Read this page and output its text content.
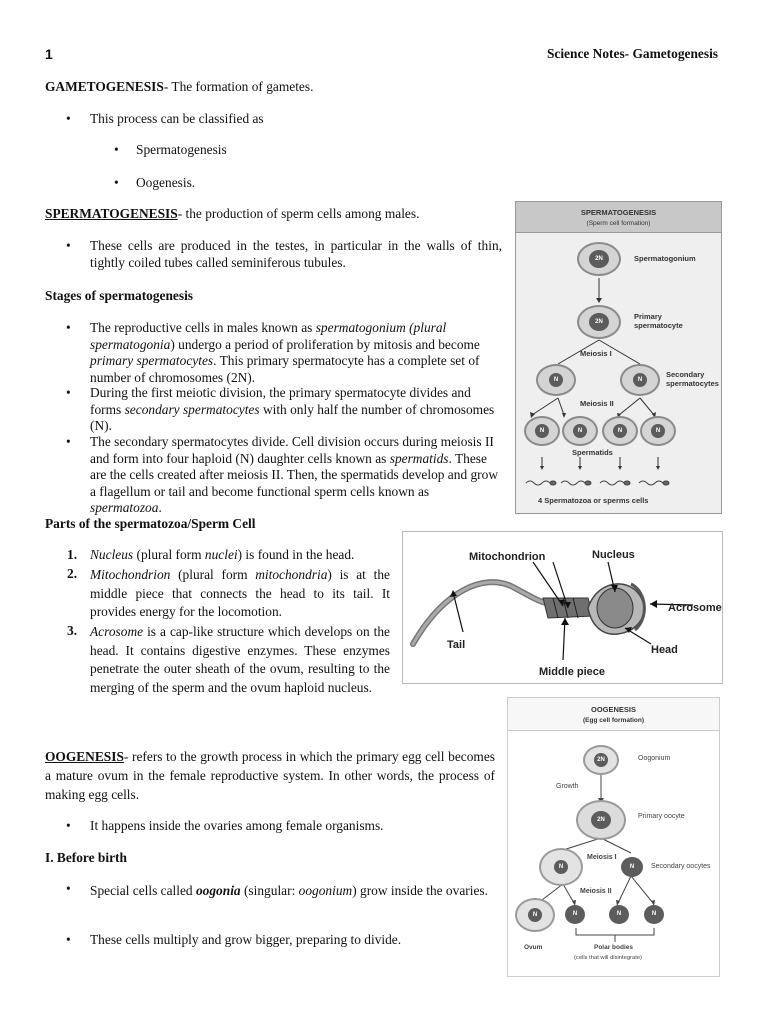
1	Science Notes- Gametogenesis
GAMETOGENESIS- The formation of gametes.
• This process can be classified as
• Spermatogenesis
• Oogenesis.
SPERMATOGENESIS- the production of sperm cells among males.
• These cells are produced in the testes, in particular in the walls of thin, tightly coiled tubes called seminiferous tubules.
Stages of spermatogenesis
• The reproductive cells in males known as spermatogonium (plural spermatogonia) undergo a period of proliferation by mitosis and become primary spermatocytes. This primary spermatocyte has a complete set of number of chromosomes (2N).
• During the first meiotic division, the primary spermatocyte divides and forms secondary spermatocytes with only half the number of chromosomes (N).
• The secondary spermatocytes divide. Cell division occurs during meiosis II and form into four haploid (N) daughter cells known as spermatids. These are the cells created after meiosis II. Then, the spermatids develop and grow a flagellum or tail and become functional sperm cells known as spermatozoa.
Parts of the spermatozoa/Sperm Cell
1. Nucleus (plural form nuclei) is found in the head.
2. Mitochondrion (plural form mitochondria) is at the middle piece that connects the head to its tail. It provides energy for the locomotion.
3. Acrosome is a cap-like structure which develops on the head. It contains digestive enzymes. These enzymes penetrate the outer sheath of the ovum, resulting to the merging of the sperm and the ovum haploid nucleus.
OOGENESIS- refers to the growth process in which the primary egg cell becomes a mature ovum in the female reproductive system. In other words, the process of making egg cells.
• It happens inside the ovaries among female organisms.
I. Before birth
• Special cells called oogonia (singular: oogonium) grow inside the ovaries.
• These cells multiply and grow bigger, preparing to divide.
SPERMATOGENESIS
(Sperm cell formation)
2N	Spermatogonium
2N
Primary spermatocyte
Meiosis I
N	N
Secondary spermatocytes
Meiosis II
N	N	N	N
Spermatids
4 Spermatozoa or sperms cells
Mitochondrion	Nucleus
Acrosome
Tail	Head
Middle piece
OOGENESIS
(Egg cell formation)
2N	Oogonium
Growth
2N	Primary oocyte
Meiosis I
N	N	Secondary oocytes
Meiosis II
N	N	N	N
Ovum	Polar bodies
(cells that will disintegrate)
